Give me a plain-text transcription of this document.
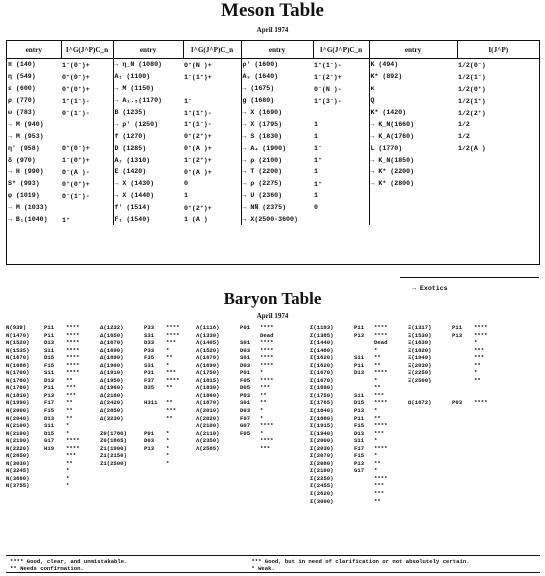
Meson Table
April 1974
entry	I^G(J^P)C_n	entry	I^G(J^P)C_n	entry	I^G(J^P)C_n	entry	I(J^P)
π (140)	1⁻(0⁻)+	→ η_N (1080)	0⁺(N )+	ρ' (1600)	1⁺(1⁻)-	K (494)	1/2(0⁻)
η (549)	0⁺(0⁻)+	A₁ (1100)	1⁻(1⁺)+	A₃ (1640)	1⁻(2⁻)+	K* (892)	1/2(1⁻)
ε (600)	0⁺(0⁺)+	→ M (1150)		→ (1675)	0⁻(N )-	κ	1/2(0⁺)
ρ (770)	1⁺(1⁻)-	→ A₁.₅(1170)	1⁻	g (1680)	1⁺(3⁻)-	Q	1/2(1⁺)
ω (783)	0⁻(1⁻)-	B (1235)	1⁺(1⁺)-	→ X (1690)		K* (1420)	1/2(2⁺)
→ M (940)		→ ρ' (1250)	1⁺(1⁻)-	→ X (1795)	1	→ K_N(1660)	1/2
→ M (953)		f (1270)	0⁺(2⁺)+	→ S (1830)	1	→ K_A(1760)	1/2
η' (958)	0⁺(0⁻)+	D (1285)	0⁺(A )+	→ A₄ (1900)	1⁻	L (1770)	1/2(A )
δ (970)	1⁻(0⁺)+	A₂ (1310)	1⁻(2⁺)+	→ ρ (2100)	1⁺	→ K_N(1850)	
→ H (990)	0⁻(A )-	E (1420)	0⁺(A )+	→ T (2200)	1	→ K* (2200)	
S* (993)	0⁺(0⁺)+	→ X (1430)	0	→ ρ (2275)	1⁺	→ K* (2800)	
φ (1019)	0⁻(1⁻)-	→ X (1440)	1	→ U (2360)	1		
→ M (1033)		f' (1514)	0⁺(2⁺)+	→ NN̄ (2375)	0		
→ B₁(1040)	1⁺	F₁ (1540)	1 (A )	→ X(2500-3600)			
→ Exotics
Baryon Table
April 1974
N(939)	P11	****
N(1470)	P11	****
N(1520)	D13	****
N(1535)	S11	****
N(1670)	D15	****
N(1688)	F15	****
N(1700)	S11	****
N(1780)	D13	**
N(1780)	P11	***
N(1810)	P13	***
N(1990)	F17	**
N(2000)	F15	**
N(2040)	D13	**
N(2100)	S11	*
N(2100)	D15	*
N(2190)	G17	****
N(2220)	H19	****
N(2650)	***
N(3030)	**
N(3245)	*
N(3690)	*
N(3755)	*
Δ(1232)	P33	****
Δ(1650)	S31	****
Δ(1670)	D33	***
Δ(1690)	P33	*
Δ(1890)	F35	**
Δ(1900)	S31	*
Δ(1910)	P31	***
Δ(1950)	F37	****
Δ(1960)	D35	**
Δ(2160)
Δ(2420)	H311	**
Δ(2850)	***
Δ(3230)	**
Z0(1780)	P01	*
Z0(1865)	D03	*
Z1(1900)	P13	*
Z1(2150)	*
Z1(2500)	*
Λ(1116)	P01	****
Λ(1330)	Dead
Λ(1405)	S01	****
Λ(1520)	D03	****
Λ(1670)	S01	****
Λ(1690)	D03	****
Λ(1750)	P01	*
Λ(1815)	F05	****
Λ(1830)	D05	***
Λ(1860)	P03	**
Λ(1870)	S01	**
Λ(2010)	D03	*
Λ(2020)	F07	*
Λ(2100)	G07	****
Λ(2110)	F05	*
Λ(2350)	****
Λ(2585)	***
Σ(1193)	P11	****
Σ(1385)	P13	****
Σ(1440)	Dead
Σ(1480)	*
Σ(1620)	S11	**
Σ(1620)	P11	**
Σ(1670)	D13	****
Σ(1670)	*
Σ(1690)	**
Σ(1750)	S11	***
Σ(1765)	D15	****
Σ(1840)	P13	*
Σ(1880)	P11	**
Σ(1915)	F15	****
Σ(1940)	D13	***
Σ(2000)	S11	*
Σ(2030)	F17	****
Σ(2070)	F15	*
Σ(2080)	P13	**
Σ(2100)	G17	*
Σ(2250)	****
Σ(2455)	***
Σ(2620)	***
Σ(3000)	**
Ξ(1317)	P11	****
Ξ(1530)	P13	****
Ξ(1630)	*
Ξ(1820)	***
Ξ(1940)	***
Ξ(2030)	**
Ξ(2250)	*
Ξ(2500)	**
Ω(1672)	P03	****
**** Good, clear, and unmistakable.
** Needs confirmation.

*** Good, but in need of clarification or not absolutely certain.
* Weak.
